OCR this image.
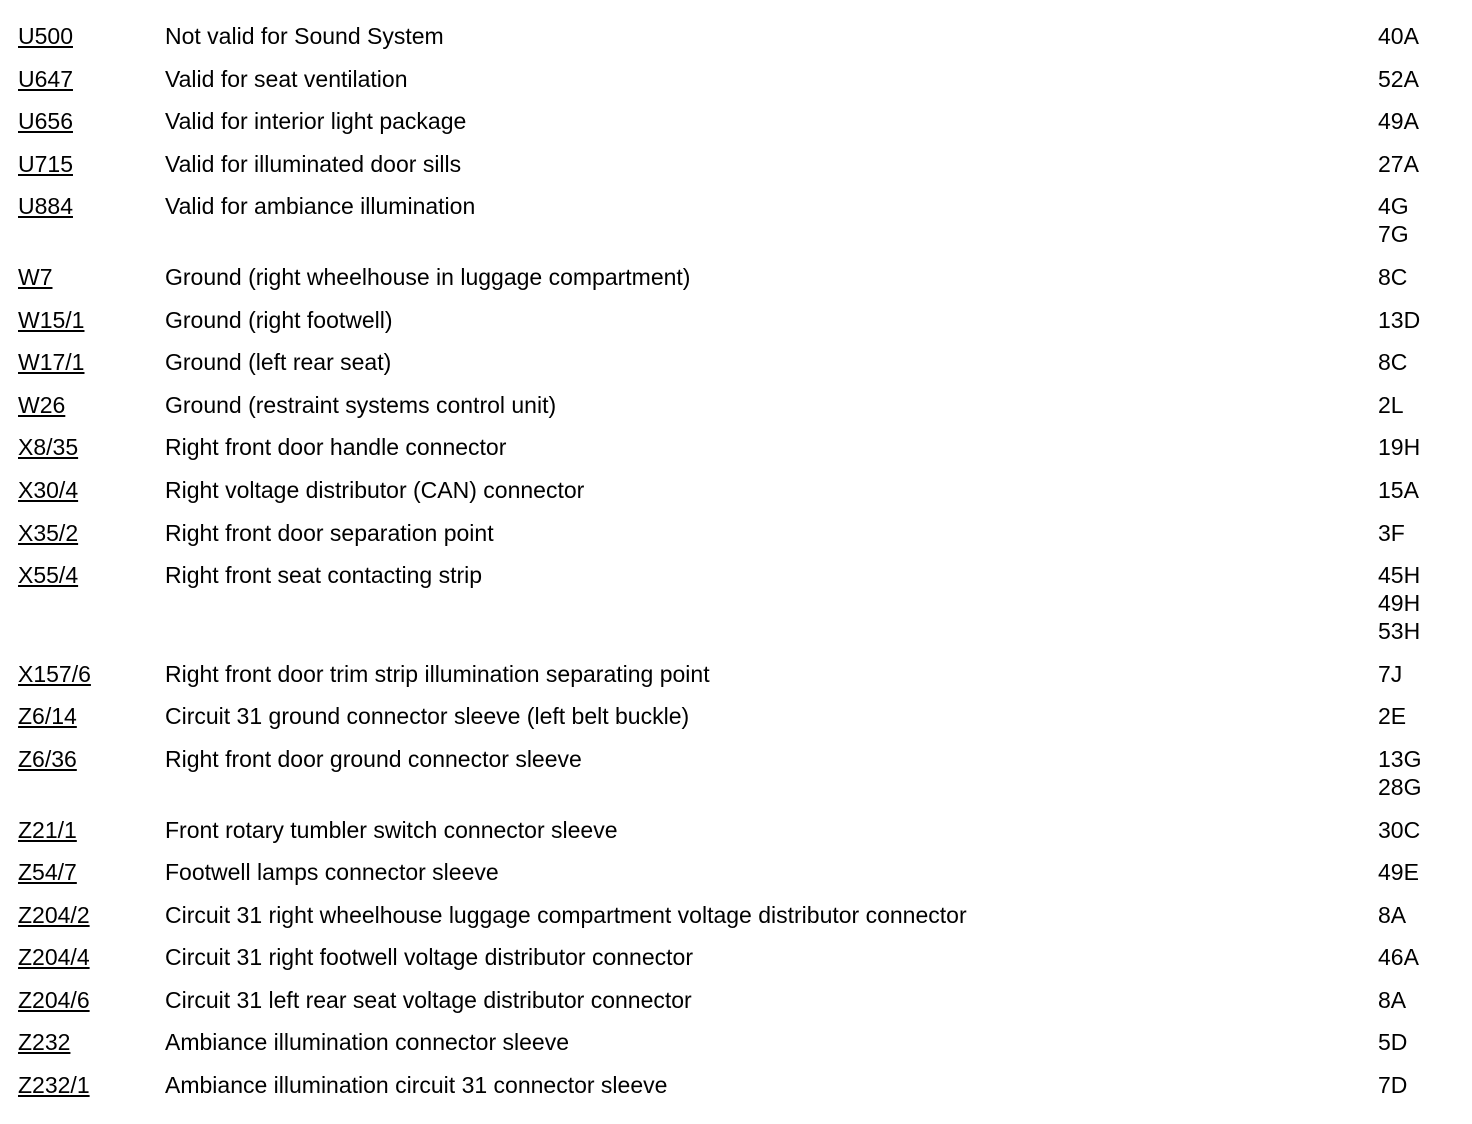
U500	Not valid for Sound System	40A
U647	Valid for seat ventilation	52A
U656	Valid for interior light package	49A
U715	Valid for illuminated door sills	27A
U884	Valid for ambiance illumination	4G
7G
W7	Ground (right wheelhouse in luggage compartment)	8C
W15/1	Ground (right footwell)	13D
W17/1	Ground (left rear seat)	8C
W26	Ground (restraint systems control unit)	2L
X8/35	Right front door handle connector	19H
X30/4	Right voltage distributor (CAN) connector	15A
X35/2	Right front door separation point	3F
X55/4	Right front seat contacting strip	45H
49H
53H
X157/6	Right front door trim strip illumination separating point	7J
Z6/14	Circuit 31 ground connector sleeve (left belt buckle)	2E
Z6/36	Right front door ground connector sleeve	13G
28G
Z21/1	Front rotary tumbler switch connector sleeve	30C
Z54/7	Footwell lamps connector sleeve	49E
Z204/2	Circuit 31 right wheelhouse luggage compartment voltage distributor connector	8A
Z204/4	Circuit 31 right footwell voltage distributor connector	46A
Z204/6	Circuit 31 left rear seat voltage distributor connector	8A
Z232	Ambiance illumination connector sleeve	5D
Z232/1	Ambiance illumination circuit 31 connector sleeve	7D
